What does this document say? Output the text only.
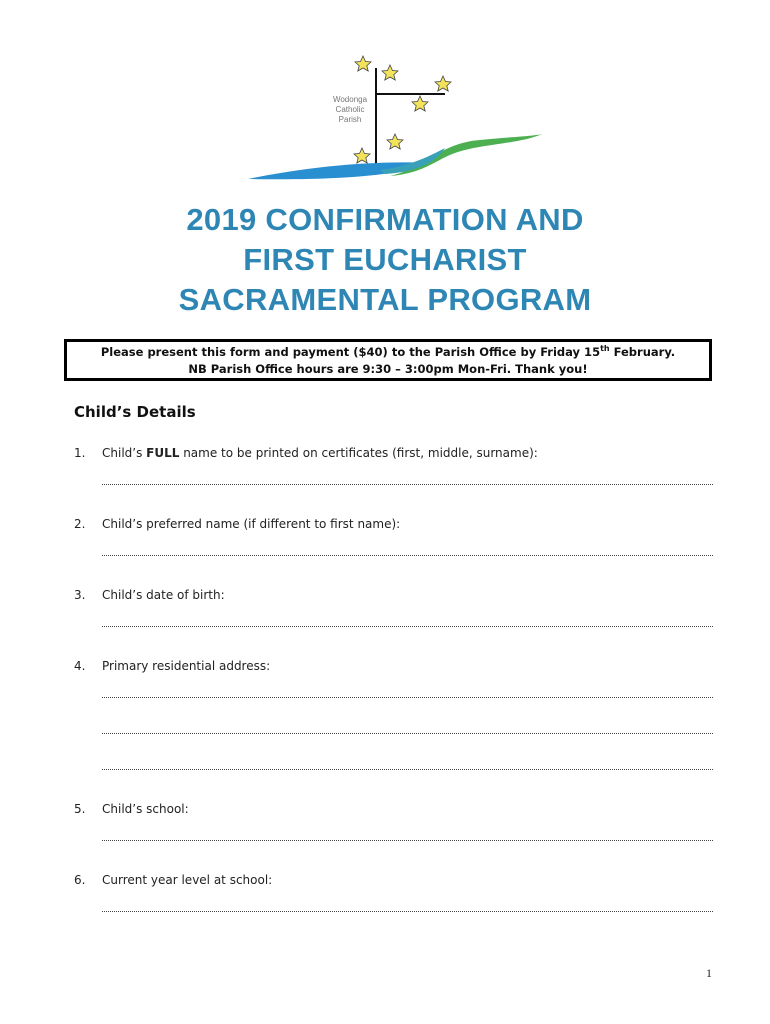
Wodonga
Catholic
Parish
2019 CONFIRMATION AND
FIRST EUCHARIST
SACRAMENTAL PROGRAM
Please present this form and payment ($40) to the Parish Office by Friday 15th February.
NB Parish Office hours are 9:30 – 3:00pm Mon-Fri. Thank you!
Child’s Details
1. Child’s FULL name to be printed on certificates (first, middle, surname):
2. Child’s preferred name (if different to first name):
3. Child’s date of birth:
4. Primary residential address:
5. Child’s school:
6. Current year level at school:
1
